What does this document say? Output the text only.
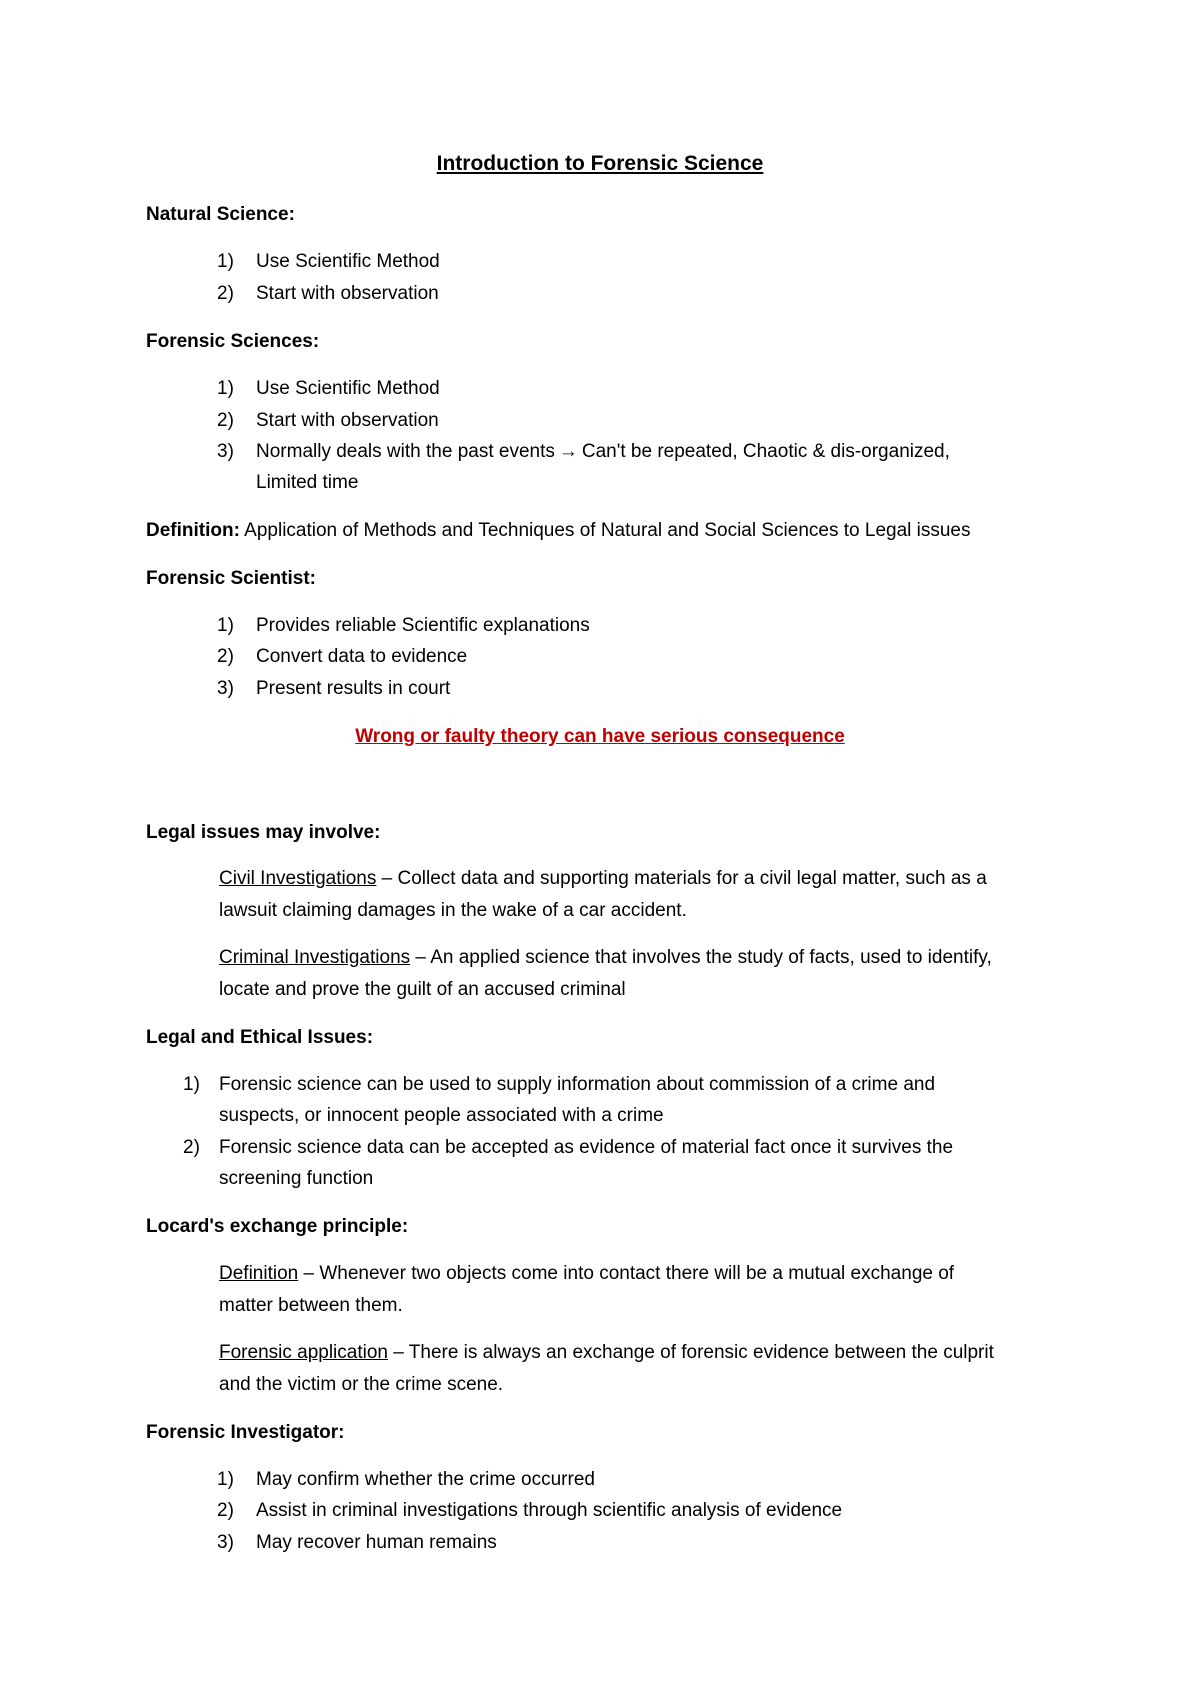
Introduction to Forensic Science
Natural Science:
1)	Use Scientific Method
2)	Start with observation
Forensic Sciences:
1)	Use Scientific Method
2)	Start with observation
3)	Normally deals with the past events → Can't be repeated, Chaotic & dis-organized,
Limited time
Definition: Application of Methods and Techniques of Natural and Social Sciences to Legal issues
Forensic Scientist:
1)	Provides reliable Scientific explanations
2)	Convert data to evidence
3)	Present results in court
Wrong or faulty theory can have serious consequence
Legal issues may involve:
Civil Investigations – Collect data and supporting materials for a civil legal matter, such as a
lawsuit claiming damages in the wake of a car accident.
Criminal Investigations – An applied science that involves the study of facts, used to identify,
locate and prove the guilt of an accused criminal
Legal and Ethical Issues:
1)	Forensic science can be used to supply information about commission of a crime and
suspects, or innocent people associated with a crime
2)	Forensic science data can be accepted as evidence of material fact once it survives the
screening function
Locard's exchange principle:
Definition – Whenever two objects come into contact there will be a mutual exchange of
matter between them.
Forensic application – There is always an exchange of forensic evidence between the culprit
and the victim or the crime scene.
Forensic Investigator:
1)	May confirm whether the crime occurred
2)	Assist in criminal investigations through scientific analysis of evidence
3)	May recover human remains
